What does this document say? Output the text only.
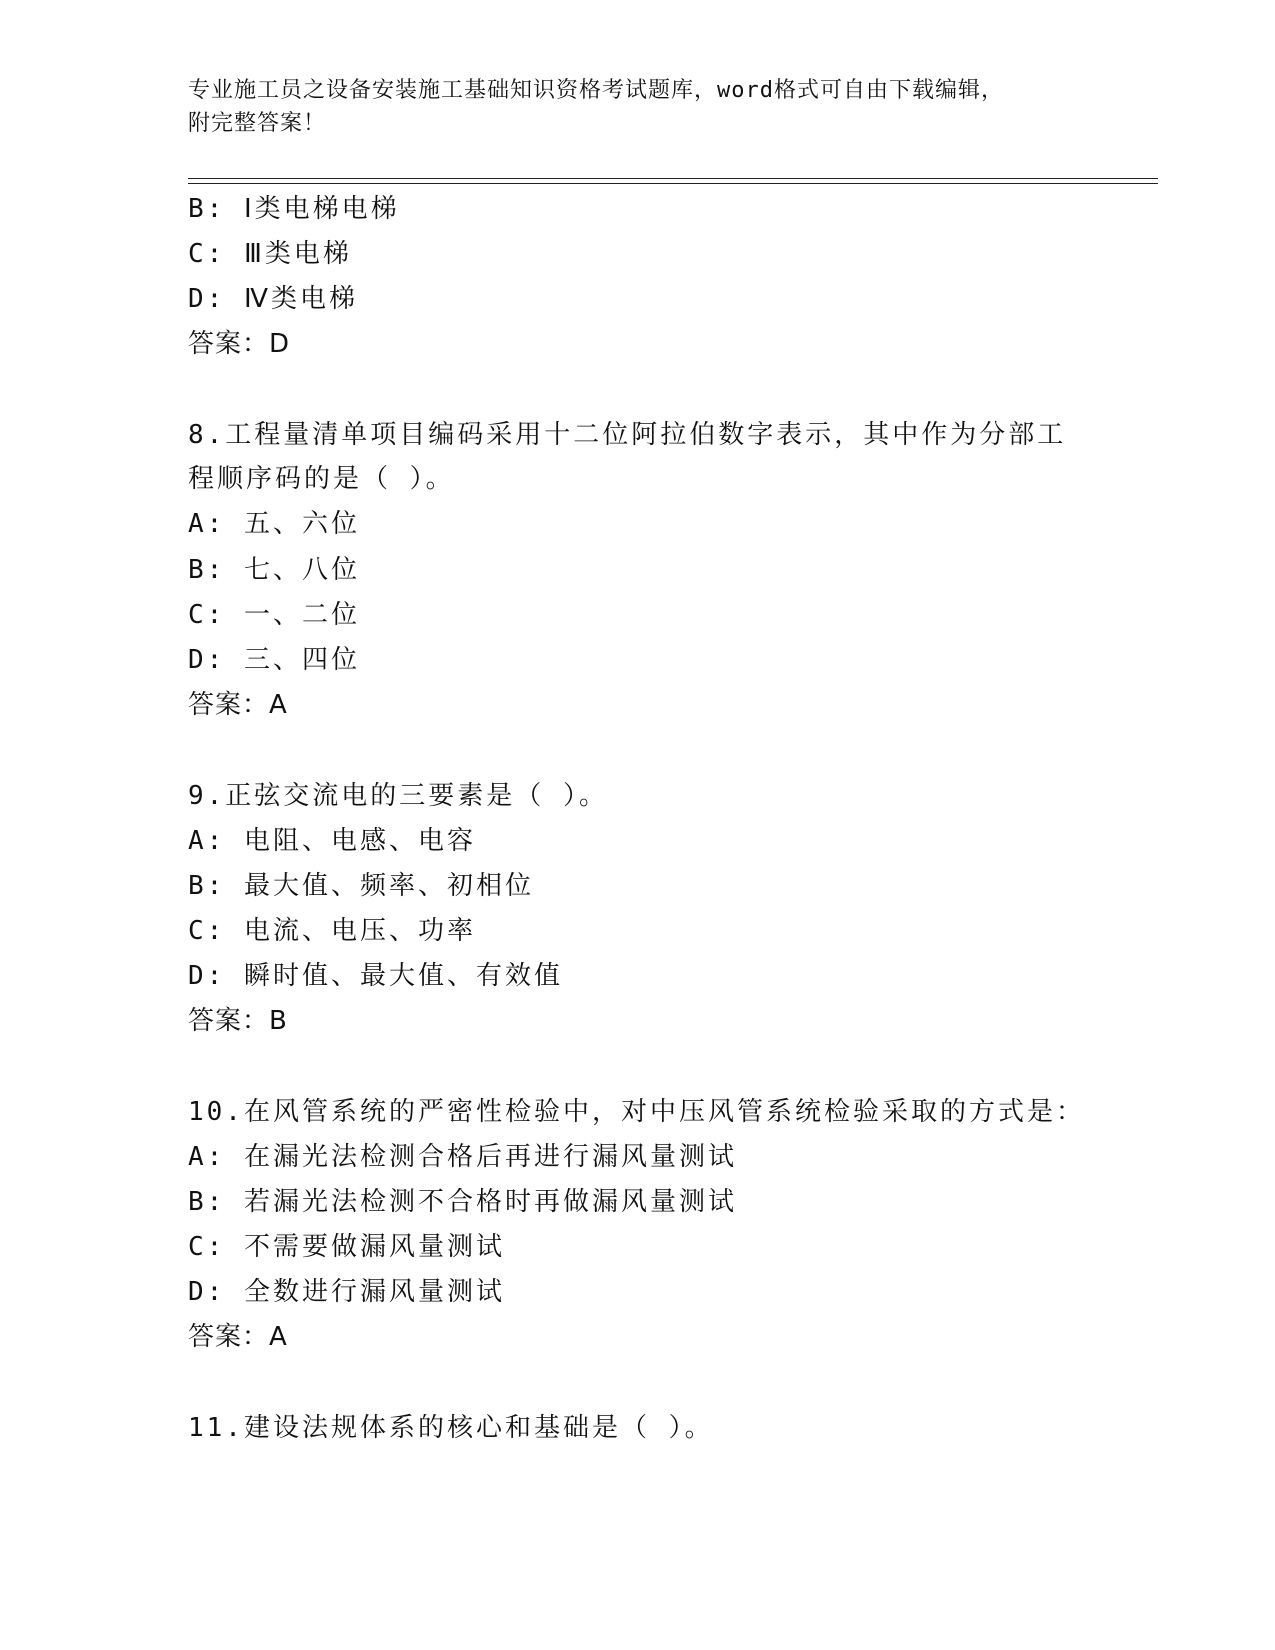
专业施工员之设备安装施工基础知识资格考试题库，word格式可自由下载编辑，
附完整答案！
B: Ⅰ类电梯电梯
C: Ⅲ类电梯
D: Ⅳ类电梯
答案：D
8.工程量清单项目编码采用十二位阿拉伯数字表示，其中作为分部工
程顺序码的是（ ）。
A: 五、六位
B: 七、八位
C: 一、二位
D: 三、四位
答案：A
9.正弦交流电的三要素是（ ）。
A: 电阻、电感、电容
B: 最大值、频率、初相位
C: 电流、电压、功率
D: 瞬时值、最大值、有效值
答案：B
10.在风管系统的严密性检验中，对中压风管系统检验采取的方式是：
A: 在漏光法检测合格后再进行漏风量测试
B: 若漏光法检测不合格时再做漏风量测试
C: 不需要做漏风量测试
D: 全数进行漏风量测试
答案：A
11.建设法规体系的核心和基础是（ ）。
